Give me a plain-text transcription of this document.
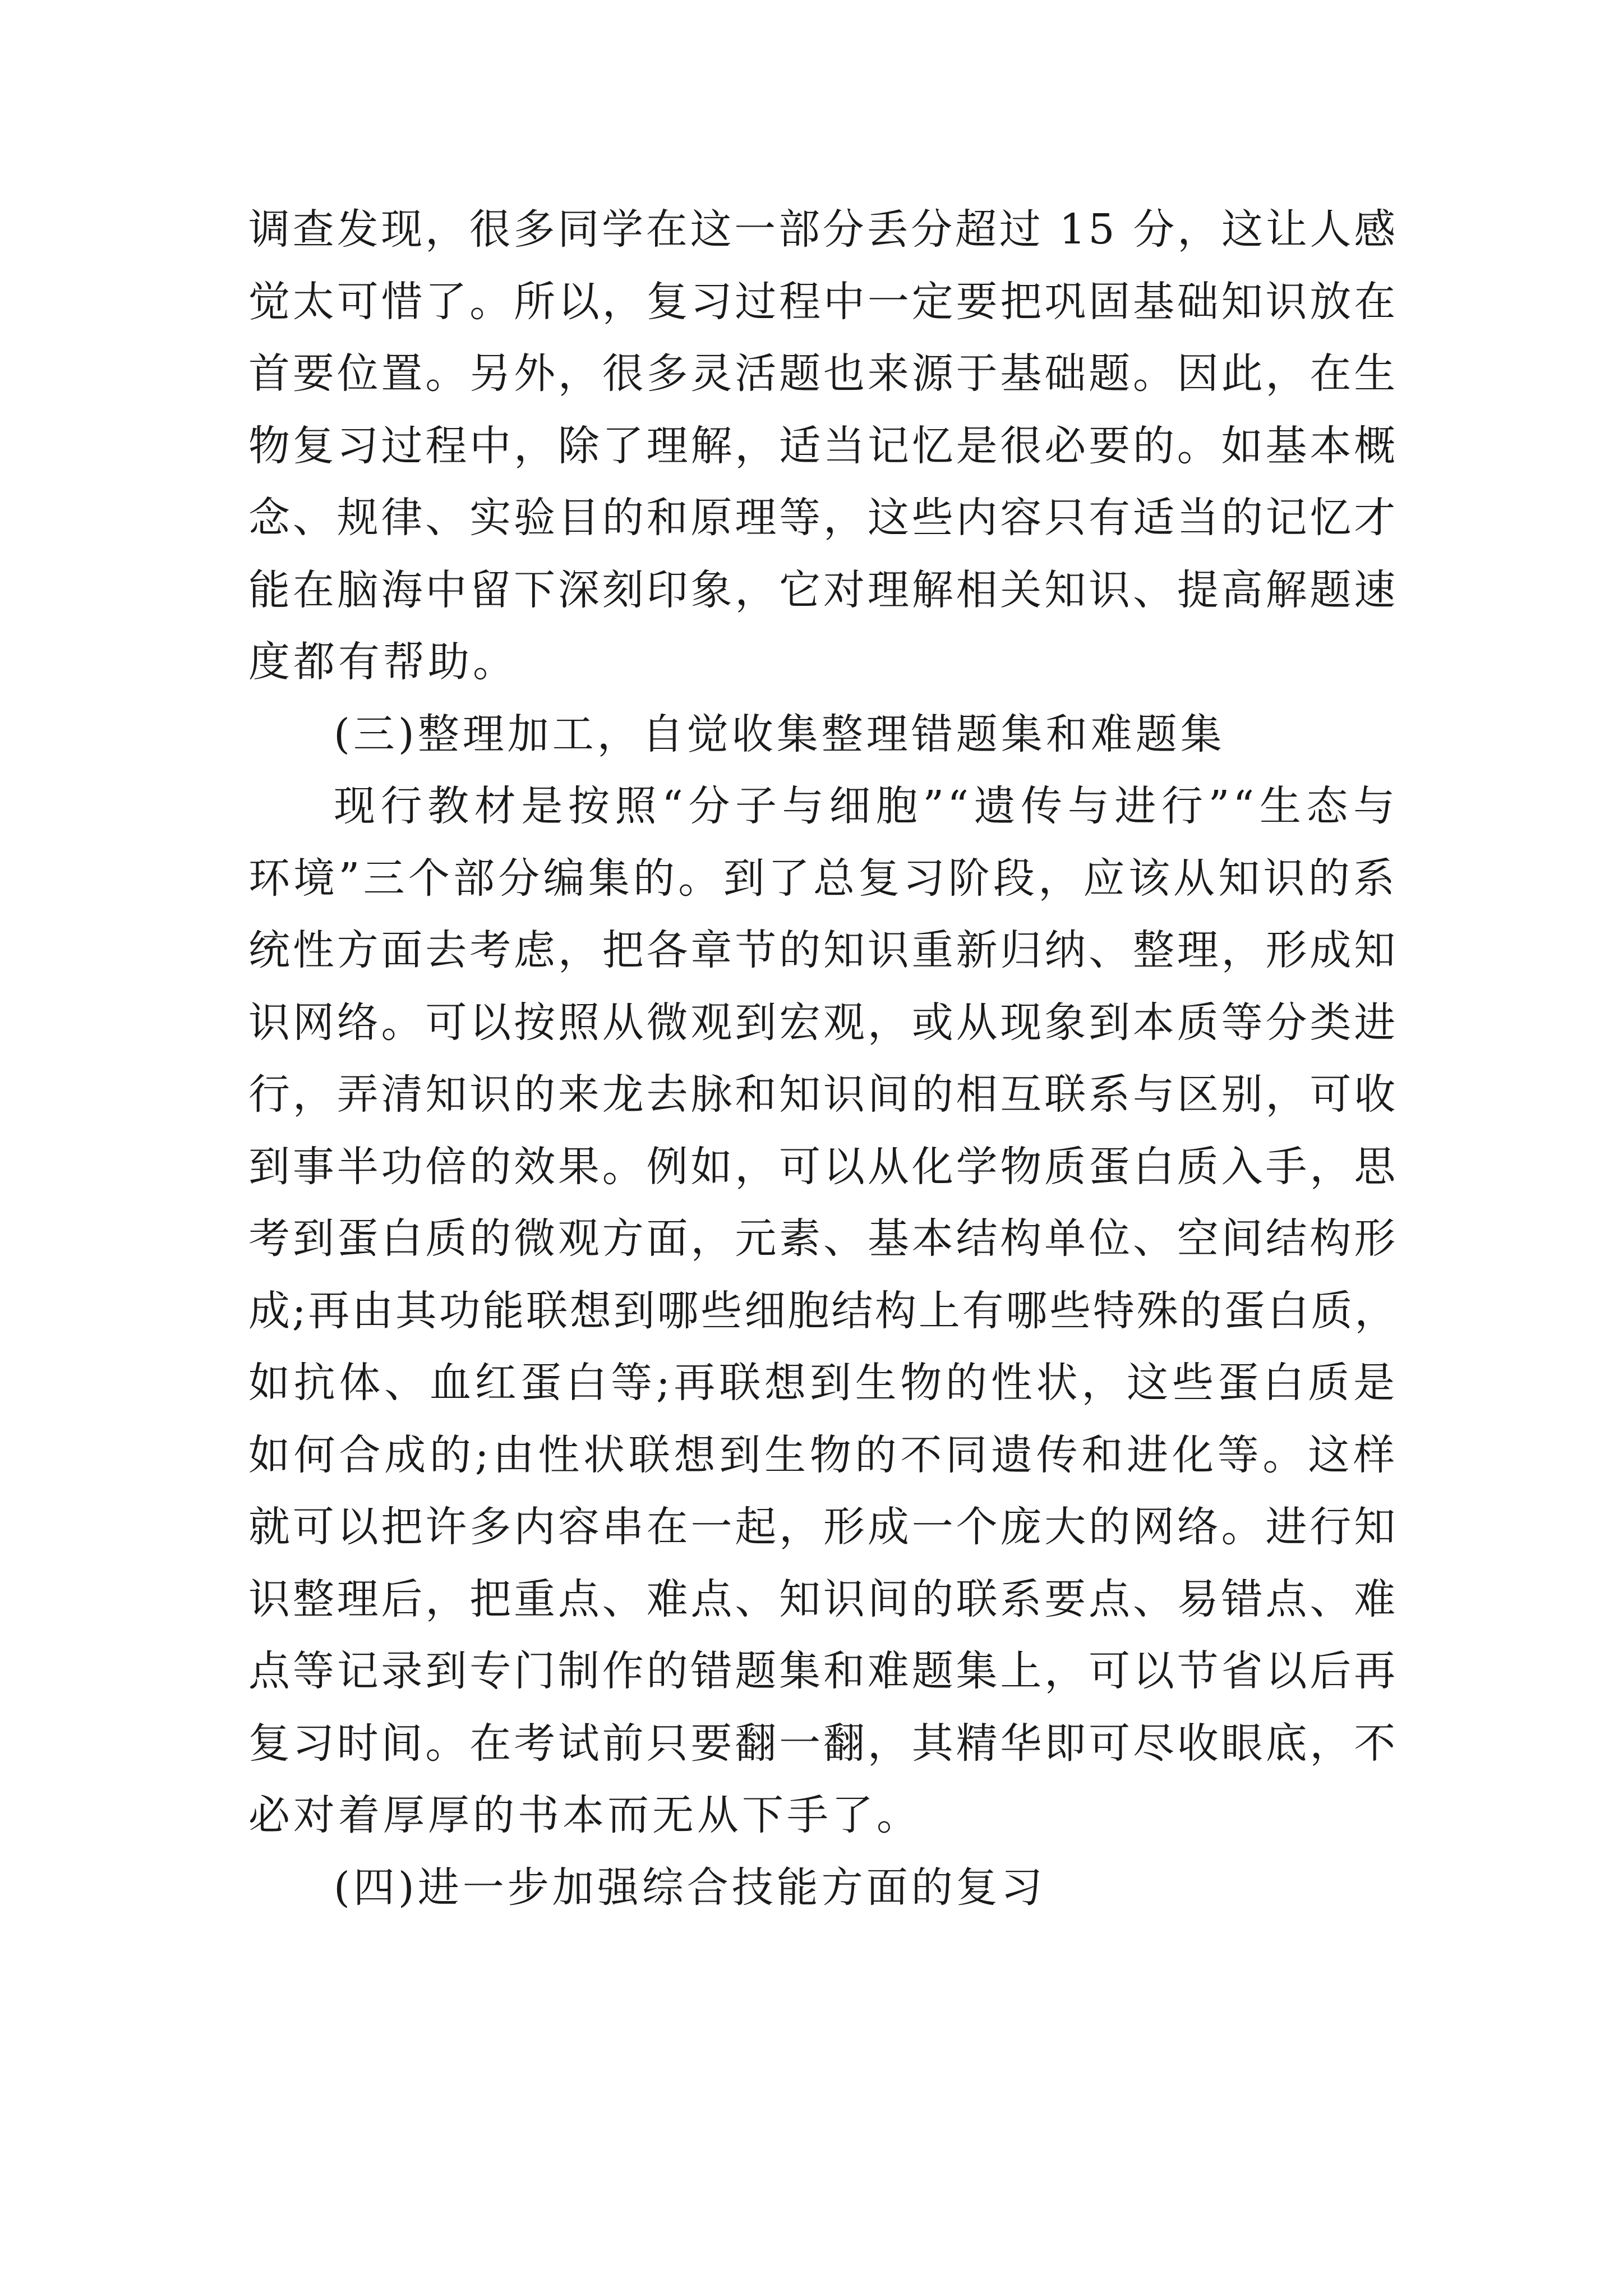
调查发现，很多同学在这一部分丢分超过 15 分，这让人感
觉太可惜了。所以，复习过程中一定要把巩固基础知识放在
首要位置。另外，很多灵活题也来源于基础题。因此，在生
物复习过程中，除了理解，适当记忆是很必要的。如基本概
念、规律、实验目的和原理等，这些内容只有适当的记忆才
能在脑海中留下深刻印象，它对理解相关知识、提高解题速
度都有帮助。
(三)整理加工，自觉收集整理错题集和难题集
现行教材是按照“分子与细胞”“遗传与进行”“生态与
环境”三个部分编集的。到了总复习阶段，应该从知识的系
统性方面去考虑，把各章节的知识重新归纳、整理，形成知
识网络。可以按照从微观到宏观，或从现象到本质等分类进
行，弄清知识的来龙去脉和知识间的相互联系与区别，可收
到事半功倍的效果。例如，可以从化学物质蛋白质入手，思
考到蛋白质的微观方面，元素、基本结构单位、空间结构形
成;再由其功能联想到哪些细胞结构上有哪些特殊的蛋白质，
如抗体、血红蛋白等;再联想到生物的性状，这些蛋白质是
如何合成的;由性状联想到生物的不同遗传和进化等。这样
就可以把许多内容串在一起，形成一个庞大的网络。进行知
识整理后，把重点、难点、知识间的联系要点、易错点、难
点等记录到专门制作的错题集和难题集上，可以节省以后再
复习时间。在考试前只要翻一翻，其精华即可尽收眼底，不
必对着厚厚的书本而无从下手了。
(四)进一步加强综合技能方面的复习
